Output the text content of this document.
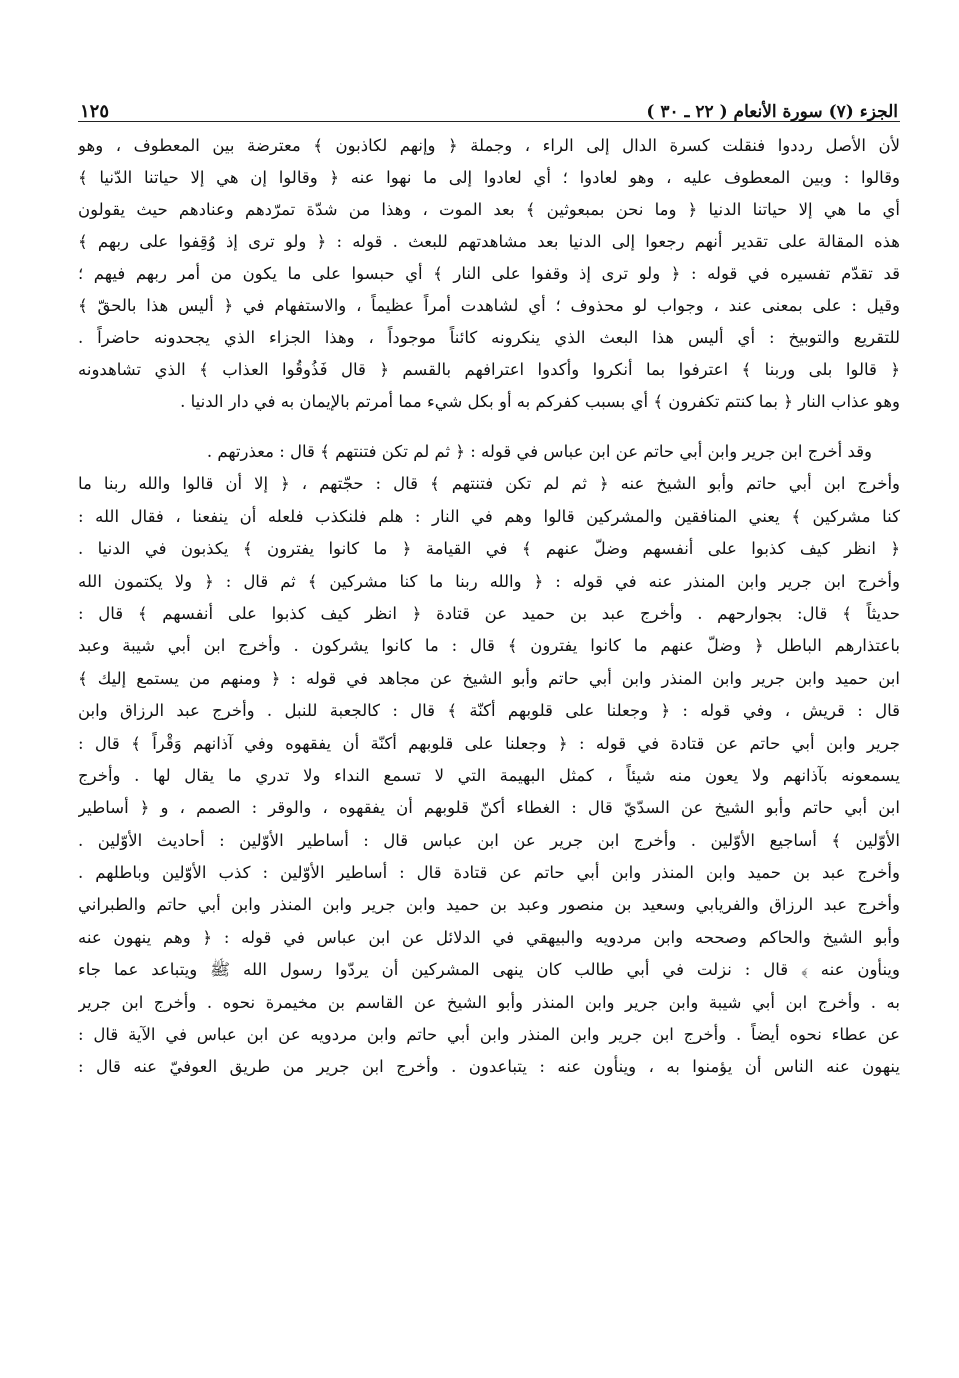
الجزء (٧) سورة الأنعام ( ٢٢ ـ ٣٠ )
١٢٥
لأن الأصل رددوا فنقلت كسرة الدال إلى الراء ، وجملة ﴿ وإنهم لكاذبون ﴾ معترضة بين المعطوف ، وهو
وقالوا : وبين المعطوف عليه ، وهو لعادوا ؛ أي لعادوا إلى ما نهوا عنه ﴿ وقالوا إن هي إلا حياتنا الدّنيا ﴾
أي ما هي إلا حياتنا الدنيا ﴿ وما نحن بمبعوثين ﴾ بعد الموت ، وهذا من شدّة تمرّدهم وعنادهم حيث يقولون
هذه المقالة على تقدير أنهم رجعوا إلى الدنيا بعد مشاهدتهم للبعث . قوله : ﴿ ولو ترى إذ وُقِفوا على ربهم ﴾
قد تقدّم تفسيره في قوله : ﴿ ولو ترى إذ وقفوا على النار ﴾ أي حبسوا على ما يكون من أمر ربهم فيهم ؛
وقيل : على بمعنى عند ، وجواب لو محذوف ؛ أي لشاهدت أمراً عظيماً ، والاستفهام في ﴿ أليس هذا بالحقّ ﴾
للتقريع والتوبيخ : أي أليس هذا البعث الذي ينكرونه كائناً موجوداً ، وهذا الجزاء الذي يجحدونه حاضراً .
﴿ قالوا بلى وربنا ﴾ اعترفوا بما أنكروا وأكدوا اعترافهم بالقسم ﴿ قال فَذُوقُوا العذاب ﴾ الذي تشاهدونه
وهو عذاب النار ﴿ بما كنتم تكفرون ﴾ أي بسبب كفركم به أو بكل شيء مما أمرتم بالإيمان به في دار الدنيا .
وقد أخرج ابن جرير وابن أبي حاتم عن ابن عباس في قوله : ﴿ ثم لم تكن فتنتهم ﴾ قال : معذرتهم .
وأخرج ابن أبي حاتم وأبو الشيخ عنه ﴿ ثم لم تكن فتنتهم ﴾ قال : حجّتهم ، ﴿ إلا أن قالوا والله ربنا ما
كنا مشركين ﴾ يعني المنافقين والمشركين قالوا وهم في النار : هلم فلنكذب فلعله أن ينفعنا ، فقال الله :
﴿ انظر كيف كذبوا على أنفسهم وضلّ عنهم ﴾ في القيامة ﴿ ما كانوا يفترون ﴾ يكذبون في الدنيا .
وأخرج ابن جرير وابن المنذر عنه في قوله : ﴿ والله ربنا ما كنا مشركين ﴾ ثم قال : ﴿ ولا يكتمون الله
حديثاً ﴾ قال: بجوارحهم . وأخرج عبد بن حميد عن قتادة ﴿ انظر كيف كذبوا على أنفسهم ﴾ قال :
باعتذارهم الباطل ﴿ وضلّ عنهم ما كانوا يفترون ﴾ قال : ما كانوا يشركون . وأخرج ابن أبي شيبة وعبد
ابن حميد وابن جرير وابن المنذر وابن أبي حاتم وأبو الشيخ عن مجاهد في قوله : ﴿ ومنهم من يستمع إليك ﴾
قال : قريش ، وفي قوله : ﴿ وجعلنا على قلوبهم أكنّة ﴾ قال : كالجعبة للنبل . وأخرج عبد الرزاق وابن
جرير وابن أبي حاتم عن قتادة في قوله : ﴿ وجعلنا على قلوبهم أكنّة أن يفقهوه وفي آذانهم وَقْراً ﴾ قال :
يسمعونه بآذانهم ولا يعون منه شيئاً ، كمثل البهيمة التي لا تسمع النداء ولا تدري ما يقال لها . وأخرج
ابن أبي حاتم وأبو الشيخ عن السدّيّ قال : الغطاء أكنّ قلوبهم أن يفقهوه ، والوقر : الصمم ، و ﴿ أساطير
الأوّلين ﴾ أساجيع الأوّلين . وأخرج ابن جرير عن ابن عباس قال : أساطير الأوّلين : أحاديث الأوّلين .
وأخرج عبد بن حميد وابن المنذر وابن أبي حاتم عن قتادة قال : أساطير الأوّلين : كذب الأوّلين وباطلهم .
وأخرج عبد الرزاق والفريابي وسعيد بن منصور وعبد بن حميد وابن جرير وابن المنذر وابن أبي حاتم والطبراني
وأبو الشيخ والحاكم وصححه وابن مردويه والبيهقي في الدلائل عن ابن عباس في قوله : ﴿ وهم ينهون عنه
وينأون عنه ﴾ قال : نزلت في أبي طالب كان ينهى المشركين أن يردّوا رسول الله ﷺ ويتباعد عما جاء
به . وأخرج ابن أبي شيبة وابن جرير وابن المنذر وأبو الشيخ عن القاسم بن مخيمرة نحوه . وأخرج ابن جرير
عن عطاء نحوه أيضاً . وأخرج ابن جرير وابن المنذر وابن أبي حاتم وابن مردويه عن ابن عباس في الآية قال :
ينهون عنه الناس أن يؤمنوا به ، وينأون عنه : يتباعدون . وأخرج ابن جرير من طريق العوفيّ عنه قال :
